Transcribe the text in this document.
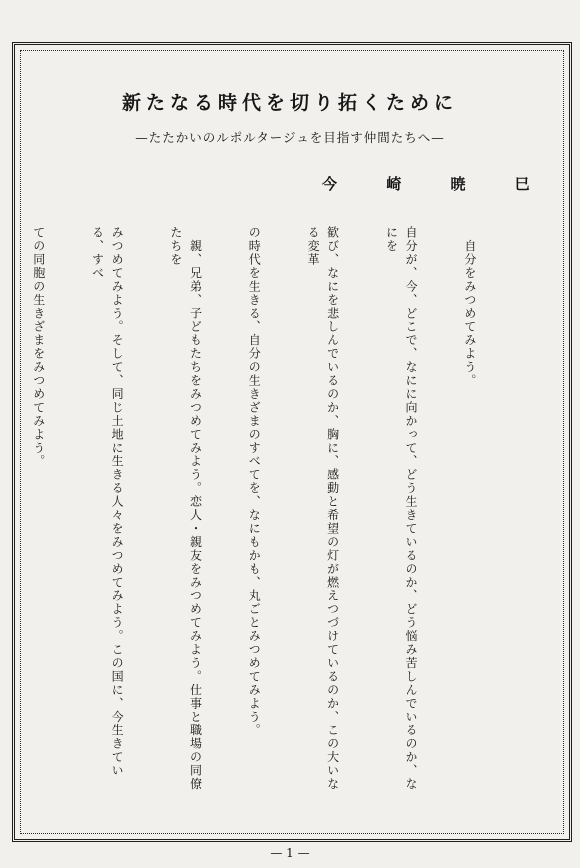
新たなる時代を切り拓くために
—たたかいのルポルタージュを目指す仲間たちへ—
今 崎 暁 巳

　自分をみつめてみよう。

自分が、今、どこで、なにに向かって、どう生きているのか、どう悩み苦しんでいるのか、なにを

歓び、なにを悲しんでいるのか、胸に、感動と希望の灯が燃えつづけているのか、この大いなる変革

の時代を生きる、自分の生きざまのすべてを、なにもかも、丸ごとみつめてみよう。

　親、兄弟、子どもたちをみつめてみよう。恋人・親友をみつめてみよう。仕事と職場の同僚たちを

みつめてみよう。そして、同じ土地に生きる人々をみつめてみよう。この国に、今生きている、すべ

ての同胞の生きざまをみつめてみよう。

— 1 —
